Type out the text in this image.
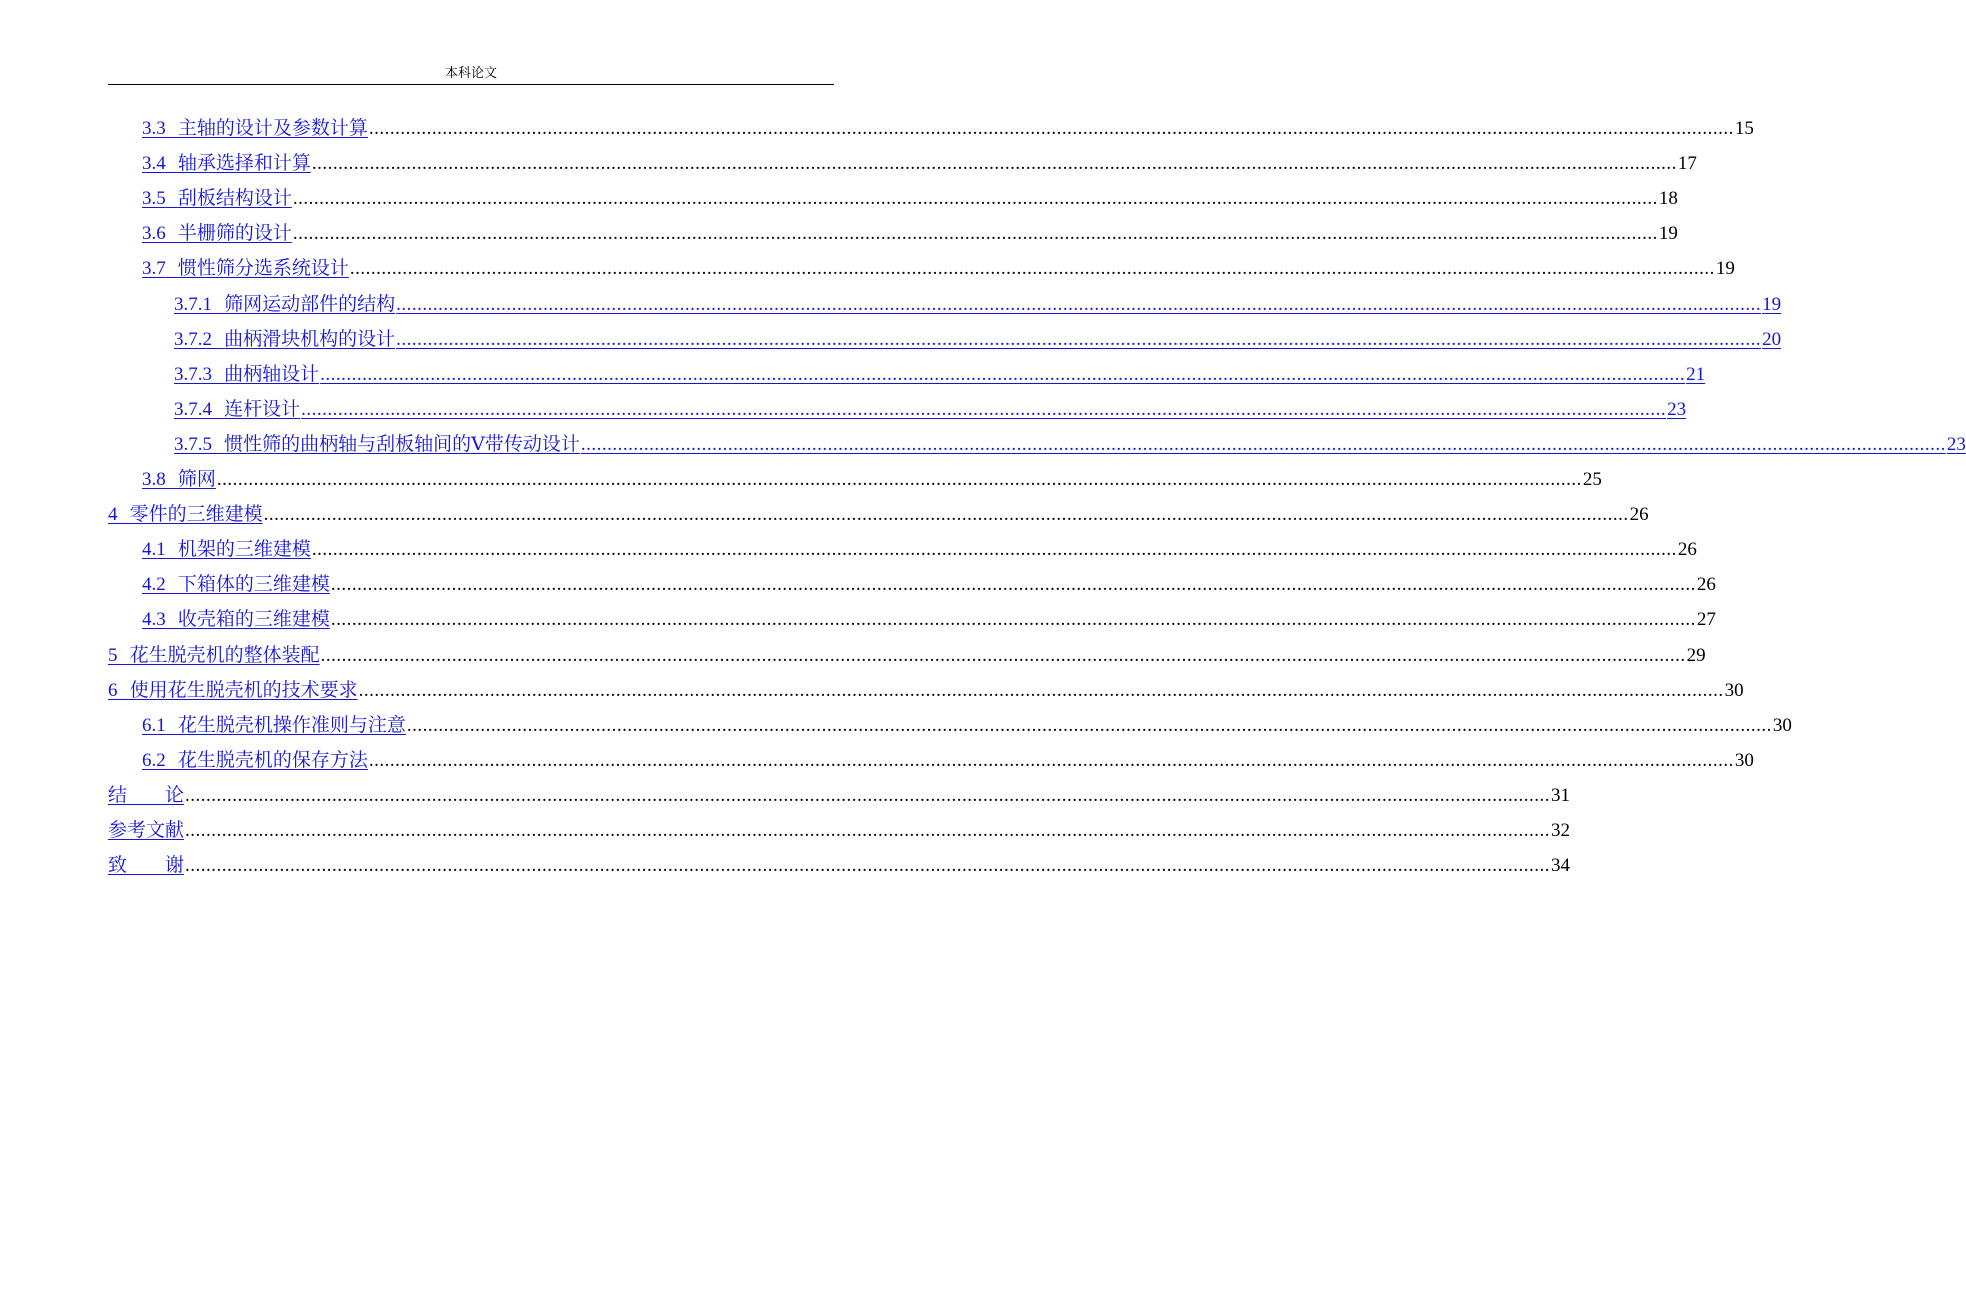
本科论文
3.3 主轴的设计及参数计算 .................................................................................................................................................................................................................................................................... 15
3.4 轴承选择和计算 .................................................................................................................................................................................................................................................................... 17
3.5 刮板结构设计 .................................................................................................................................................................................................................................................................... 18
3.6 半栅筛的设计 .................................................................................................................................................................................................................................................................... 19
3.7 惯性筛分选系统设计 .................................................................................................................................................................................................................................................................... 19
3.7.1 筛网运动部件的结构 .................................................................................................................................................................................................................................................................... 19
3.7.2 曲柄滑块机构的设计 .................................................................................................................................................................................................................................................................... 20
3.7.3 曲柄轴设计 .................................................................................................................................................................................................................................................................... 21
3.7.4 连杆设计 .................................................................................................................................................................................................................................................................... 23
3.7.5 惯性筛的曲柄轴与刮板轴间的V带传动设计 .................................................................................................................................................................................................................................................................... 23
3.8 筛网 .................................................................................................................................................................................................................................................................... 25
4 零件的三维建模 .................................................................................................................................................................................................................................................................... 26
4.1 机架的三维建模 .................................................................................................................................................................................................................................................................... 26
4.2 下箱体的三维建模 .................................................................................................................................................................................................................................................................... 26
4.3 收壳箱的三维建模 .................................................................................................................................................................................................................................................................... 27
5 花生脱壳机的整体装配 .................................................................................................................................................................................................................................................................... 29
6 使用花生脱壳机的技术要求 .................................................................................................................................................................................................................................................................... 30
6.1 花生脱壳机操作准则与注意 .................................................................................................................................................................................................................................................................... 30
6.2 花生脱壳机的保存方法 .................................................................................................................................................................................................................................................................... 30
结　　论 .................................................................................................................................................................................................................................................................... 31
参考文献 .................................................................................................................................................................................................................................................................... 32
致　　谢 .................................................................................................................................................................................................................................................................... 34
